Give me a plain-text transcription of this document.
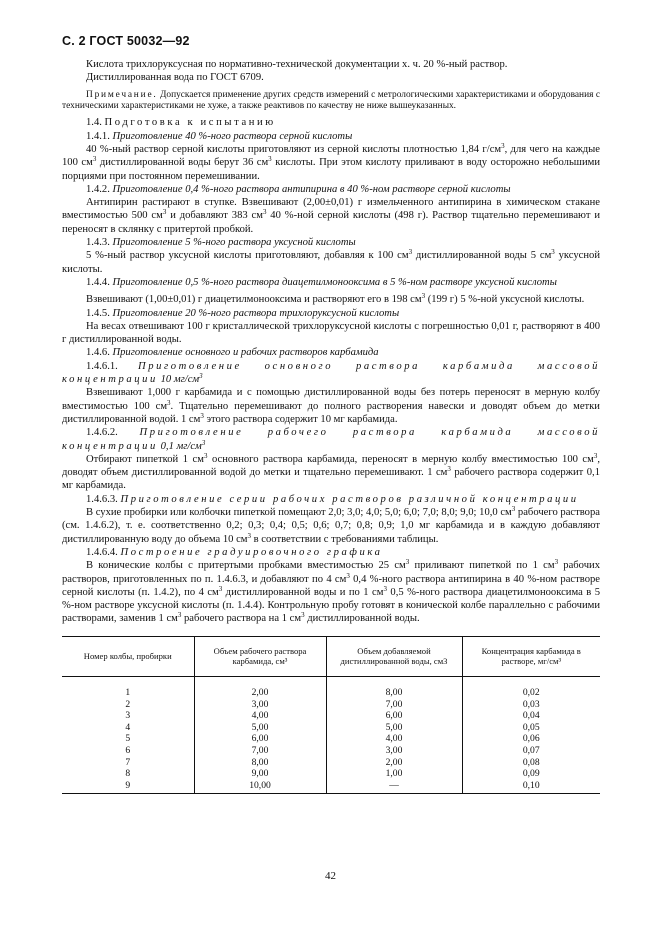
С. 2 ГОСТ 50032—92

Кислота трихлоруксусная по нормативно-технической документации х. ч. 20 %-ный раствор.

Дистиллированная вода по ГОСТ 6709.

Примечание. Допускается применение других средств измерений с метрологическими характеристиками и оборудования с техническими характеристиками не хуже, а также реактивов по качеству не ниже вышеуказанных.

1.4. Подготовка к испытанию

1.4.1. Приготовление 40 %-ного раствора серной кислоты

40 %-ный раствор серной кислоты приготовляют из серной кислоты плотностью 1,84 $г/см^3$, для чего на каждые 100 $см^3$ дистиллированной воды берут 36 $см^3$ кислоты. При этом кислоту приливают в воду осторожно небольшими порциями при постоянном перемешивании.

1.4.2. Приготовление 0,4 %-ного раствора антипирина в 40 %-ном растворе серной кислоты

Антипирин растирают в ступке. Взвешивают (2,00±0,01) г измельченного антипирина в химическом стакане вместимостью 500 $см^3$ и добавляют 383 $см^3$ 40 %-ной серной кислоты (498 г). Раствор тщательно перемешивают и переносят в склянку с притертой пробкой.

1.4.3. Приготовление 5 %-ного раствора уксусной кислоты

5 %-ный раствор уксусной кислоты приготовляют, добавляя к 100 $см^3$ дистиллированной воды 5 $см^3$ уксусной кислоты.

1.4.4. Приготовление 0,5 %-ного раствора диацетилмонооксима в 5 %-ном растворе уксусной кислоты

Взвешивают (1,00±0,01) г диацетилмонооксима и растворяют его в 198 $см^3$ (199 г) 5 %-ной уксусной кислоты.

1.4.5. Приготовление 20 %-ного раствора трихлоруксусной кислоты

На весах отвешивают 100 г кристаллической трихлоруксусной кислоты с погрешностью 0,01 г, растворяют в 400 г дистиллированной воды.

1.4.6. Приготовление основного и рабочих растворов карбамида

1.4.6.1. Приготовление основного раствора карбамида массовой концентрации 10 $мг/см^3$

Взвешивают 1,000 г карбамида и с помощью дистиллированной воды без потерь переносят в мерную колбу вместимостью 100 $см^3$. Тщательно перемешивают до полного растворения навески и доводят объем до метки дистиллированной водой. 1 $см^3$ этого раствора содержит 10 мг карбамида.

1.4.6.2. Приготовление рабочего раствора карбамида массовой концентрации 0,1 $мг/см^3$

Отбирают пипеткой 1 $см^3$ основного раствора карбамида, переносят в мерную колбу вместимостью 100 $см^3$, доводят объем дистиллированной водой до метки и тщательно перемешивают. 1 $см^3$ рабочего раствора содержит 0,1 мг карбамида.

1.4.6.3. Приготовление серии рабочих растворов различной концентрации

В сухие пробирки или колбочки пипеткой помещают 2,0; 3,0; 4,0; 5,0; 6,0; 7,0; 8,0; 9,0; 10,0 $см^3$ рабочего раствора (см. 1.4.6.2), т. е. соответственно 0,2; 0,3; 0,4; 0,5; 0,6; 0,7; 0,8; 0,9; 1,0 мг карбамида и в каждую добавляют дистиллированную воду до объема 10 $см^3$ в соответствии с требованиями таблицы.

1.4.6.4. Построение градуировочного графика

В конические колбы с притертыми пробками вместимостью 25 $см^3$ приливают пипеткой по 1 $см^3$ рабочих растворов, приготовленных по п. 1.4.6.3, и добавляют по 4 $см^3$ 0,4 %-ного раствора антипирина в 40 %-ном растворе серной кислоты (п. 1.4.2), по 4 $см^3$ дистиллированной воды и по 1 $см^3$ 0,5 %-ного раствора диацетилмонооксима в 5 %-ном растворе уксусной кислоты (п. 1.4.4). Контрольную пробу готовят в конической колбе параллельно с рабочими растворами, заменив 1 $см^3$ рабочего раствора на 1 $см^3$ дистиллированной воды.

Номер колбы, пробирки	Объем рабочего раствора карбамида, см³	Объем добавляемой дистиллированной воды, см3	Концентрация карбамида в растворе, мг/см³
1	2,00	8,00	0,02
2	3,00	7,00	0,03
3	4,00	6,00	0,04
4	5,00	5,00	0,05
5	6,00	4,00	0,06
6	7,00	3,00	0,07
7	8,00	2,00	0,08
8	9,00	1,00	0,09
9	10,00	—	0,10
42
